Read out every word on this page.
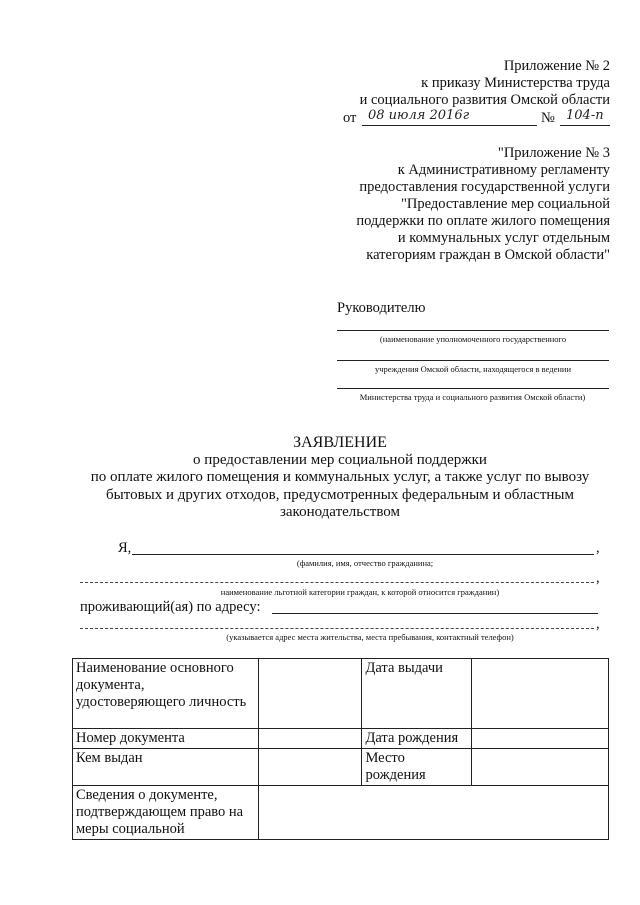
Приложение № 2
к приказу Министерства труда
и социального развития Омской области
от 08 июля 2016г	№ 104-п
"Приложение № 3
к Административному регламенту
предоставления государственной услуги
"Предоставление мер социальной
поддержки по оплате жилого помещения
и коммунальных услуг отдельным
категориям граждан в Омской области"
Руководителю
(наименование уполномоченного государственного
учреждения Омской области, находящегося в ведении
Министерства труда и социального развития Омской области)
ЗАЯВЛЕНИЕ
о предоставлении мер социальной поддержки
по оплате жилого помещения и коммунальных услуг, а также услуг по вывозу
бытовых и других отходов, предусмотренных федеральным и областным
законодательством
Я,	,
(фамилия, имя, отчество гражданина;
,
наименование льготной категории граждан, к которой относится гражданин)
проживающий(ая) по адресу:
,
(указывается адрес места жительства, места пребывания, контактный телефон)
Наименование основного документа, удостоверяющего личность		Дата выдачи	
Номер документа		Дата рождения	
Кем выдан		Место рождения	
Сведения о документе, подтверждающем право на меры социальной			
